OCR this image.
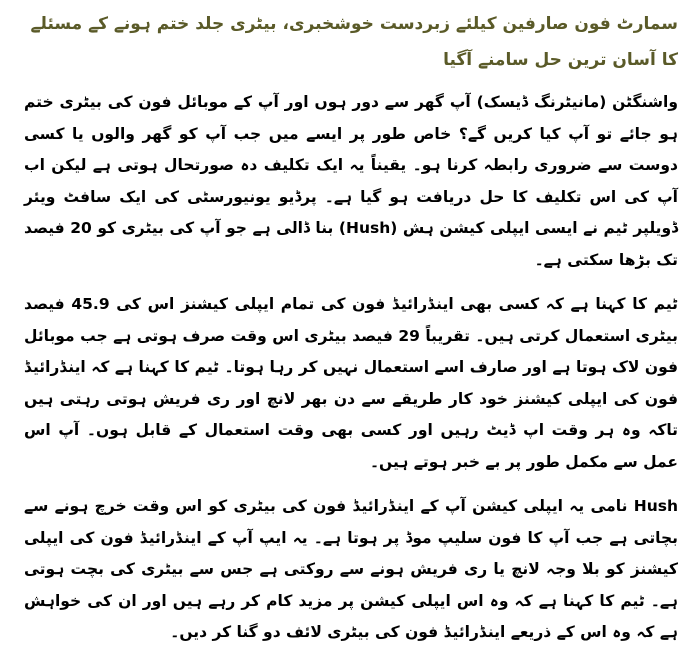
سمارٹ فون صارفین کیلئے زبردست خوشخبری، بیٹری جلد ختم ہونے کے مسئلے کا آسان ترین حل سامنے آگیا

واشنگٹن (مانیٹرنگ ڈیسک) آپ گھر سے دور ہوں اور آپ کے موبائل فون کی بیٹری ختم ہو جائے تو آپ کیا کریں گے؟ خاص طور پر ایسے میں جب آپ کو گھر والوں یا کسی دوست سے ضروری رابطہ کرنا ہو۔ یقیناً یہ ایک تکلیف دہ صورتحال ہوتی ہے لیکن اب آپ کی اس تکلیف کا حل دریافت ہو گیا ہے۔ پرڈیو یونیورسٹی کی ایک سافٹ ویئر ڈویلپر ٹیم نے ایسی ایپلی کیشن ہش (Hush) بنا ڈالی ہے جو آپ کی بیٹری کو 20 فیصد تک بڑھا سکتی ہے۔

ٹیم کا کہنا ہے کہ کسی بھی اینڈرائیڈ فون کی تمام ایپلی کیشنز اس کی 45.9 فیصد بیٹری استعمال کرتی ہیں۔ تقریباً 29 فیصد بیٹری اس وقت صرف ہوتی ہے جب موبائل فون لاک ہوتا ہے اور صارف اسے استعمال نہیں کر رہا ہوتا۔ ٹیم کا کہنا ہے کہ اینڈرائیڈ فون کی ایپلی کیشنز خود کار طریقے سے دن بھر لانچ اور ری فریش ہوتی رہتی ہیں تاکہ وہ ہر وقت اپ ڈیٹ رہیں اور کسی بھی وقت استعمال کے قابل ہوں۔ آپ اس عمل سے مکمل طور پر بے خبر ہوتے ہیں۔

Hush نامی یہ ایپلی کیشن آپ کے اینڈرائیڈ فون کی بیٹری کو اس وقت خرچ ہونے سے بچاتی ہے جب آپ کا فون سلیپ موڈ پر ہوتا ہے۔ یہ ایپ آپ کے اینڈرائیڈ فون کی ایپلی کیشنز کو بلا وجہ لانچ یا ری فریش ہونے سے روکتی ہے جس سے بیٹری کی بچت ہوتی ہے۔ ٹیم کا کہنا ہے کہ وہ اس ایپلی کیشن پر مزید کام کر رہے ہیں اور ان کی خواہش ہے کہ وہ اس کے ذریعے اینڈرائیڈ فون کی بیٹری لائف دو گنا کر دیں۔
